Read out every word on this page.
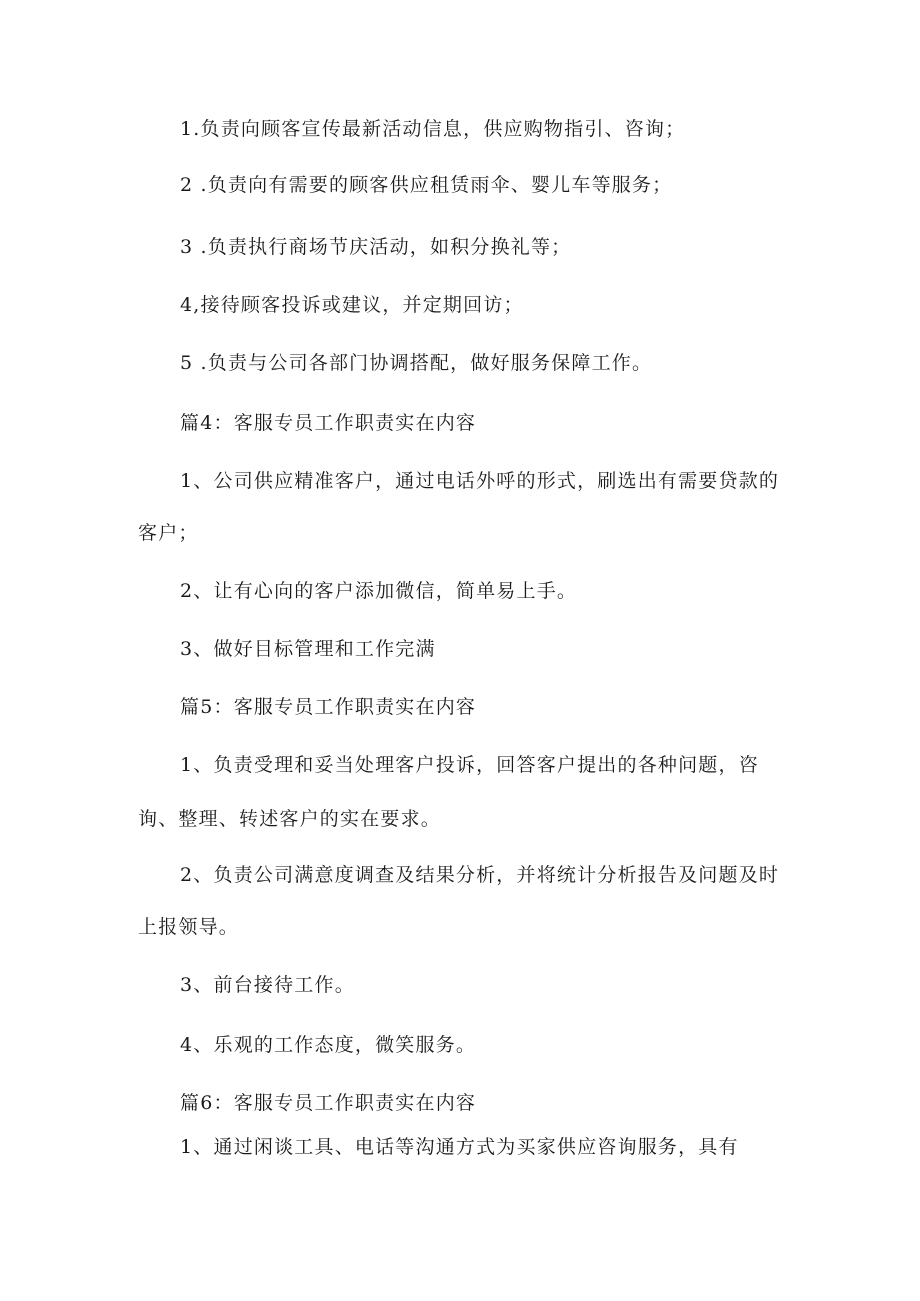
1.负责向顾客宣传最新活动信息，供应购物指引、咨询；
2 .负责向有需要的顾客供应租赁雨伞、婴儿车等服务；
3 .负责执行商场节庆活动，如积分换礼等；
4,接待顾客投诉或建议，并定期回访；
5 .负责与公司各部门协调搭配，做好服务保障工作。
篇4：客服专员工作职责实在内容
1、公司供应精准客户，通过电话外呼的形式，刷选出有需要贷款的
客户；
2、让有心向的客户添加微信，简单易上手。
3、做好目标管理和工作完满
篇5：客服专员工作职责实在内容
1、负责受理和妥当处理客户投诉，回答客户提出的各种问题，咨
询、整理、转述客户的实在要求。
2、负责公司满意度调查及结果分析，并将统计分析报告及问题及时
上报领导。
3、前台接待工作。
4、乐观的工作态度，微笑服务。
篇6：客服专员工作职责实在内容
1、通过闲谈工具、电话等沟通方式为买家供应咨询服务，具有
